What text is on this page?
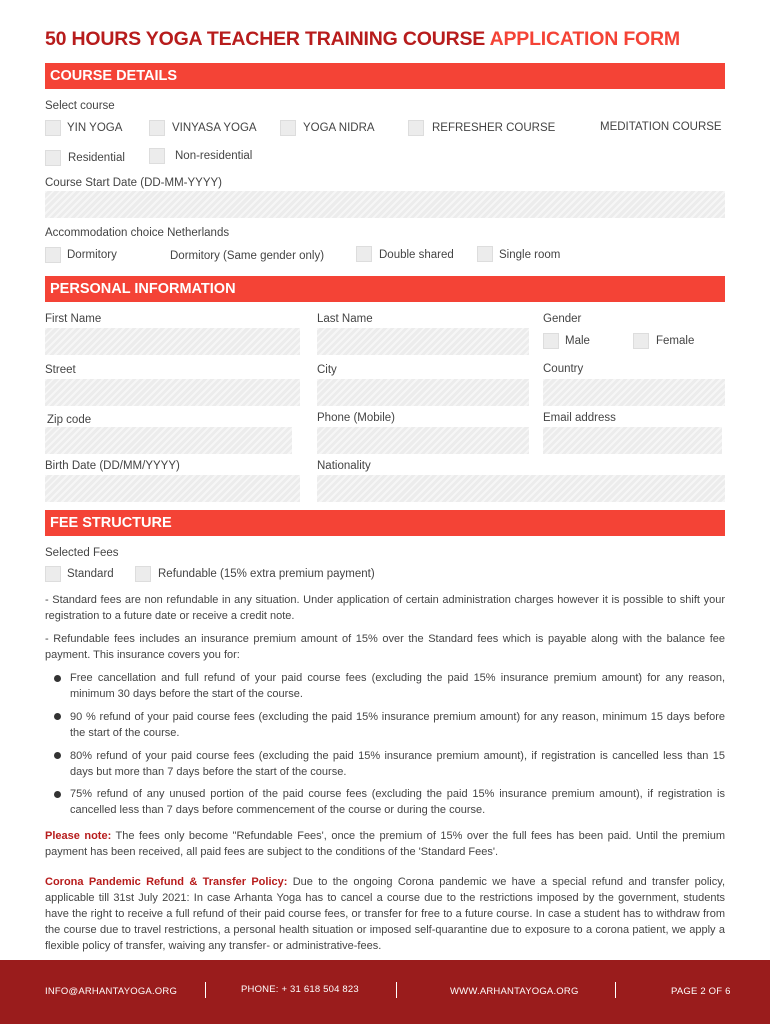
50 HOURS YOGA TEACHER TRAINING COURSE APPLICATION FORM
COURSE DETAILS
Select course
YIN YOGA	VINYASA YOGA	YOGA NIDRA	REFRESHER COURSE	MEDITATION COURSE
Residential	Non-residential
Course Start Date (DD-MM-YYYY)
Accommodation choice Netherlands
Dormitory	Dormitory (Same gender only)	Double shared	Single room
PERSONAL INFORMATION
First Name	Last Name	Gender
Male	Female
Street	City	Country
Zip code	Phone (Mobile)	Email address
Birth Date (DD/MM/YYYY)	Nationality
FEE STRUCTURE
Selected Fees
Standard	Refundable (15% extra premium payment)
- Standard fees are non refundable in any situation. Under application of certain administration charges however it is possible to shift your registration to a future date or receive a credit note.
- Refundable fees includes an insurance premium amount of 15% over the Standard fees which is payable along with the balance fee payment. This insurance covers you for:
Free cancellation and full refund of your paid course fees (excluding the paid 15% insurance premium amount) for any reason, minimum 30 days before the start of the course.
90 % refund of your paid course fees (excluding the paid 15% insurance premium amount) for any reason, minimum 15 days before the start of the course.
80% refund of your paid course fees (excluding the paid 15% insurance premium amount), if registration is cancelled less than 15 days but more than 7 days before the start of the course.
75% refund of any unused portion of the paid course fees (excluding the paid 15% insurance premium amount), if registration is cancelled less than 7 days before commencement of the course or during the course.
Please note: The fees only become "Refundable Fees', once the premium of 15% over the full fees has been paid. Until the premium payment has been received, all paid fees are subject to the conditions of the 'Standard Fees'.
Corona Pandemic Refund & Transfer Policy: Due to the ongoing Corona pandemic we have a special refund and transfer policy, applicable till 31st July 2021: In case Arhanta Yoga has to cancel a course due to the restrictions imposed by the government, students have the right to receive a full refund of their paid course fees, or transfer for free to a future course. In case a student has to withdraw from the course due to travel restrictions, a personal health situation or imposed self-quarantine due to exposure to a corona patient, we apply a flexible policy of transfer, waiving any transfer- or administrative-fees.
INFO@ARHANTAYOGA.ORG	PHONE: + 31 618 504 823	WWW.ARHANTAYOGA.ORG	PAGE 2 OF 6
